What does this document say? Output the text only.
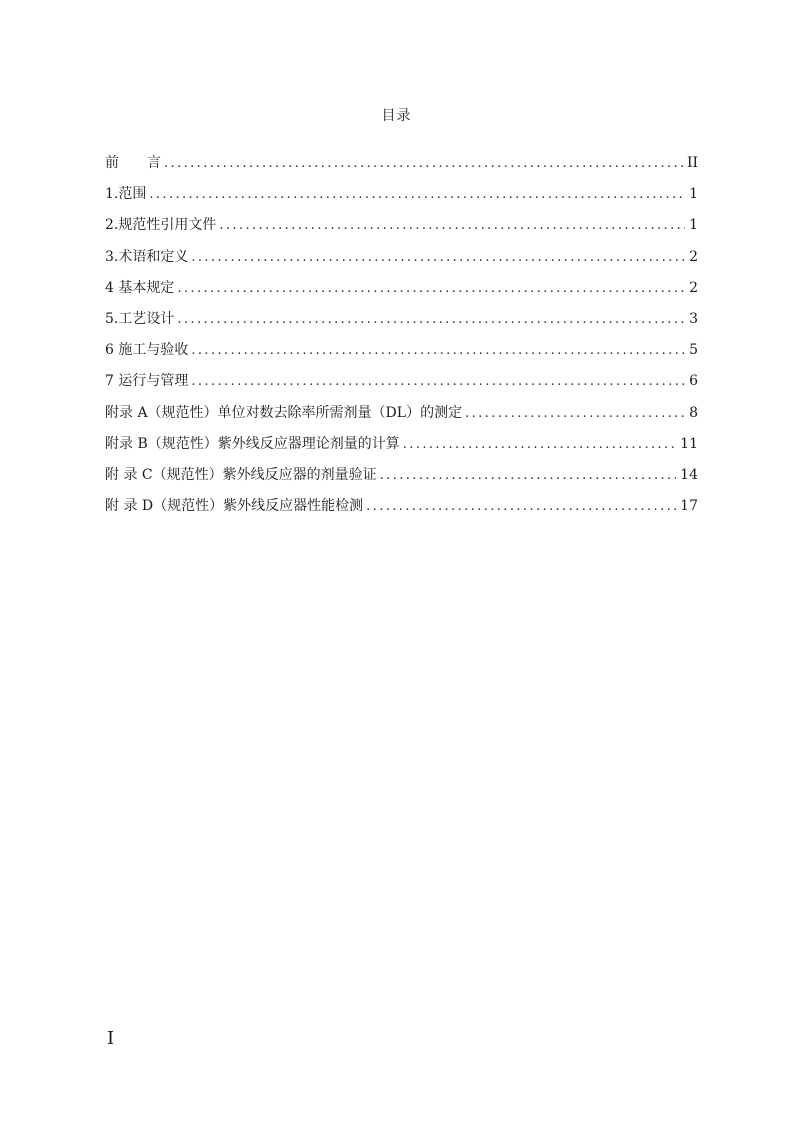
目录
前　　言 .....	II
1.范围 .....	1
2.规范性引用文件 .....	1
3.术语和定义 .....	2
4 基本规定 .....	2
5.工艺设计 .....	3
6 施工与验收 .....	5
7 运行与管理 .....	6
附录 A（规范性）单位对数去除率所需剂量（DL）的测定 .....	8
附录 B（规范性）紫外线反应器理论剂量的计算 .....	11
附 录 C（规范性）紫外线反应器的剂量验证 .....	14
附 录 D（规范性）紫外线反应器性能检测 .....	17
I
